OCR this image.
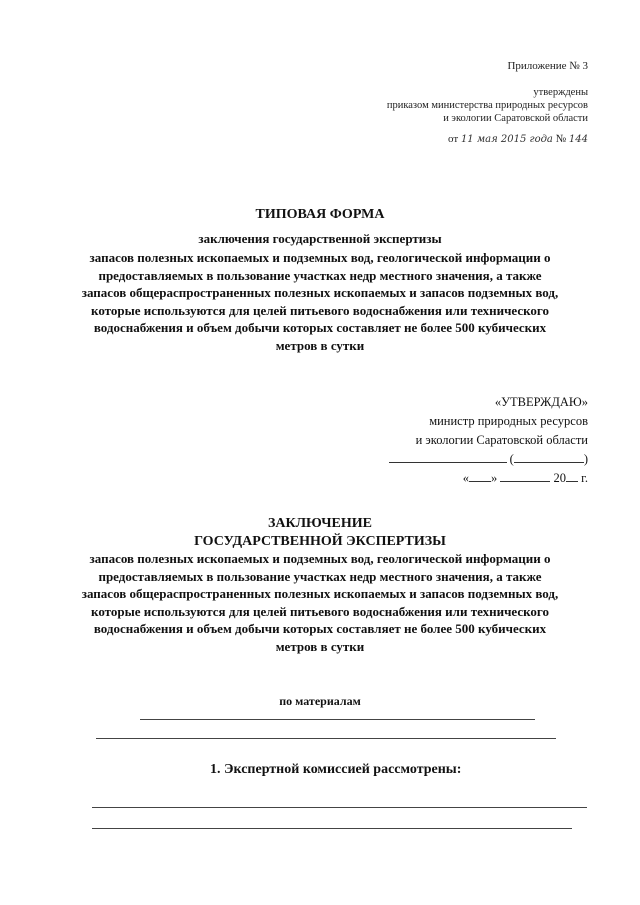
Приложение № 3
утверждены
приказом министерства природных ресурсов
и экологии Саратовской области
от 11 мая 2015 года № 144
ТИПОВАЯ ФОРМА
заключения государственной экспертизы
запасов полезных ископаемых и подземных вод, геологической информации о предоставляемых в пользование участках недр местного значения, а также запасов общераспространенных полезных ископаемых и запасов подземных вод, которые используются для целей питьевого водоснабжения или технического водоснабжения и объем добычи которых составляет не более 500 кубических метров в сутки
«УТВЕРЖДАЮ»
министр природных ресурсов
и экологии Саратовской области
(	)
« »	20 г.
ЗАКЛЮЧЕНИЕ
ГОСУДАРСТВЕННОЙ ЭКСПЕРТИЗЫ
запасов полезных ископаемых и подземных вод, геологической информации о предоставляемых в пользование участках недр местного значения, а также запасов общераспространенных полезных ископаемых и запасов подземных вод, которые используются для целей питьевого водоснабжения или технического водоснабжения и объем добычи которых составляет не более 500 кубических метров в сутки
по материалам
1. Экспертной комиссией рассмотрены:
